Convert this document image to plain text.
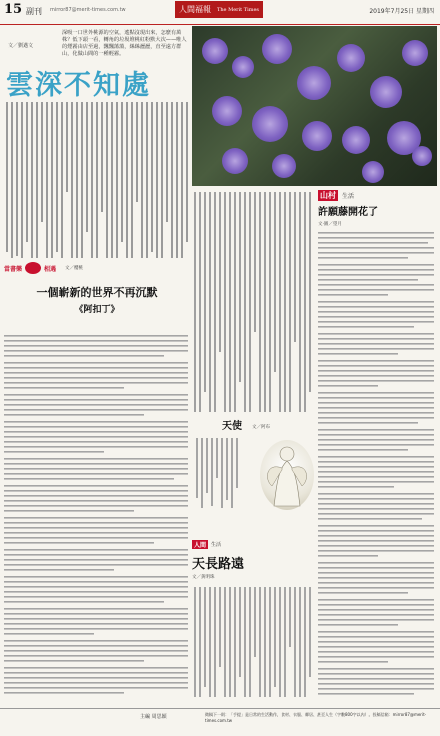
15 副刊 mirror87@merit-times.com.tw	人間福報 The Merit Times	2019年7月25日 星期四
文／劉邁文
深吸一口世外桃源的空氣，遙點沒現出來，怎麼有萬株？低下頭一看，轉角的垃圾堆桃紅粉默大次——唯人的煙霧由店至過，飄飄蕩蕩，絲絲瀝瀝，直至遠方群山，化做山間的一種輕霧。
雲深不知處
山村	生活
許願藤開花了
文‧圖／望月
當書樂	相遇 文／櫻桃
一個嶄新的世界不再沉默
《阿扣丁》
天使	文／阿布
人間	生活
天長路遠
文／黃明珠
主編 周思穎	徵稿下一則：「手提」是日常的生活動作，食材、衣服、鄰居、甚至人生（字數800字以內）。投稿信箱：mirror87@merit-times.com.tw
